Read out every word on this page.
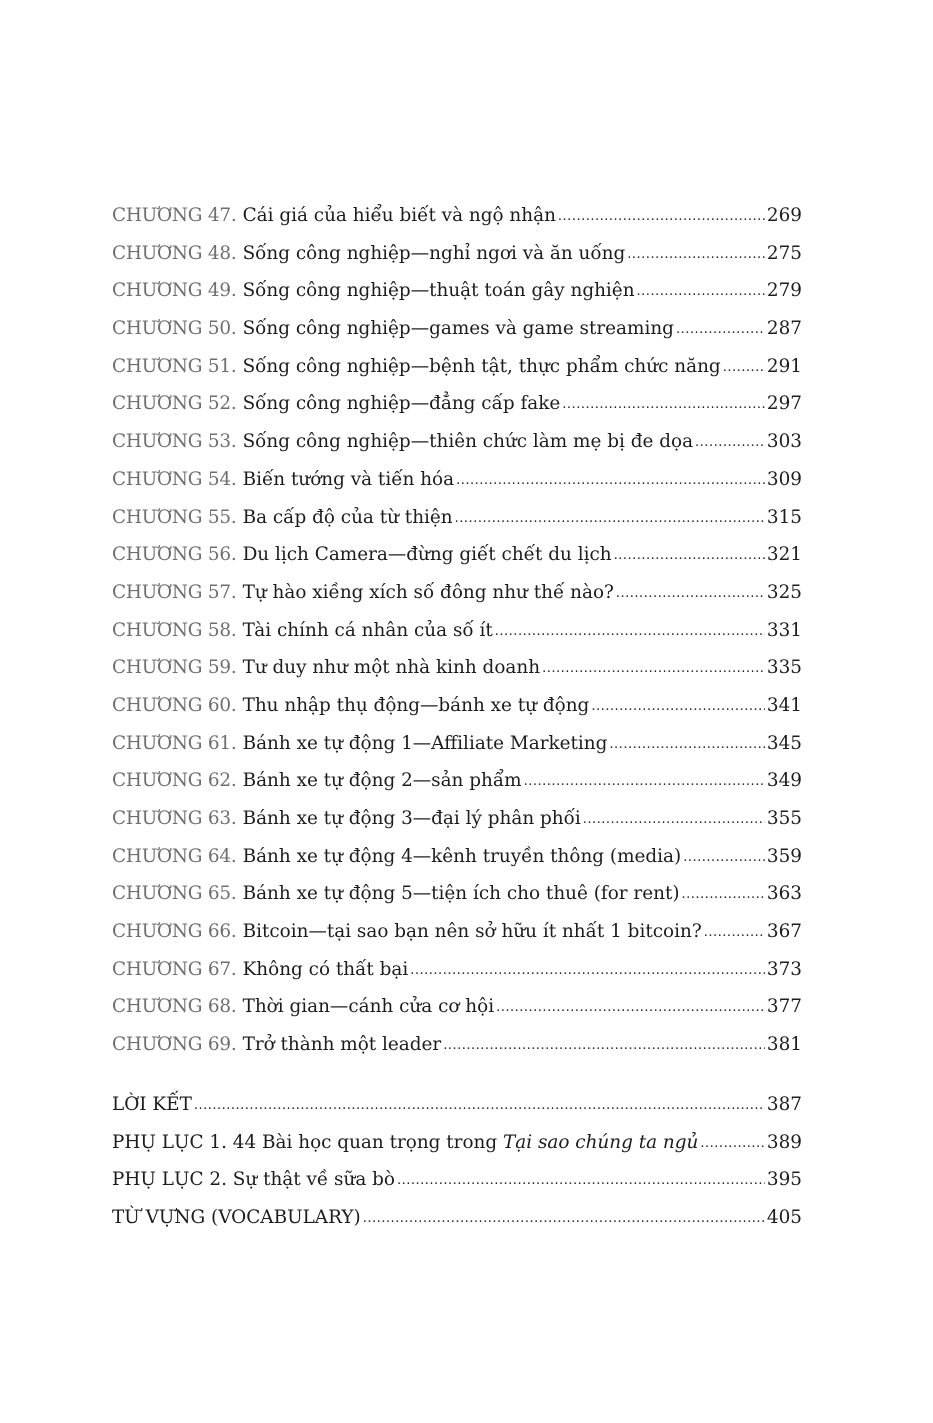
CHƯƠNG 47. Cái giá của hiểu biết và ngộ nhận .....	269
CHƯƠNG 48. Sống công nghiệp—nghỉ ngơi và ăn uống .....	275
CHƯƠNG 49. Sống công nghiệp—thuật toán gây nghiện .....	279
CHƯƠNG 50. Sống công nghiệp—games và game streaming .....	287
CHƯƠNG 51. Sống công nghiệp—bệnh tật, thực phẩm chức năng .....	291
CHƯƠNG 52. Sống công nghiệp—đẳng cấp fake .....	297
CHƯƠNG 53. Sống công nghiệp—thiên chức làm mẹ bị đe dọa .....	303
CHƯƠNG 54. Biến tướng và tiến hóa .....	309
CHƯƠNG 55. Ba cấp độ của từ thiện .....	315
CHƯƠNG 56. Du lịch Camera—đừng giết chết du lịch .....	321
CHƯƠNG 57. Tự hào xiềng xích số đông như thế nào? .....	325
CHƯƠNG 58. Tài chính cá nhân của số ít .....	331
CHƯƠNG 59. Tư duy như một nhà kinh doanh .....	335
CHƯƠNG 60. Thu nhập thụ động—bánh xe tự động .....	341
CHƯƠNG 61. Bánh xe tự động 1—Affiliate Marketing .....	345
CHƯƠNG 62. Bánh xe tự động 2—sản phẩm .....	349
CHƯƠNG 63. Bánh xe tự động 3—đại lý phân phối .....	355
CHƯƠNG 64. Bánh xe tự động 4—kênh truyền thông (media) .....	359
CHƯƠNG 65. Bánh xe tự động 5—tiện ích cho thuê (for rent) .....	363
CHƯƠNG 66. Bitcoin—tại sao bạn nên sở hữu ít nhất 1 bitcoin? .....	367
CHƯƠNG 67. Không có thất bại .....	373
CHƯƠNG 68. Thời gian—cánh cửa cơ hội .....	377
CHƯƠNG 69. Trở thành một leader .....	381
LỜI KẾT .....	387
PHỤ LỤC 1. 44 Bài học quan trọng trong Tại sao chúng ta ngủ .....	389
PHỤ LỤC 2. Sự thật về sữa bò .....	395
TỪ VỰNG (VOCABULARY) .....	405
